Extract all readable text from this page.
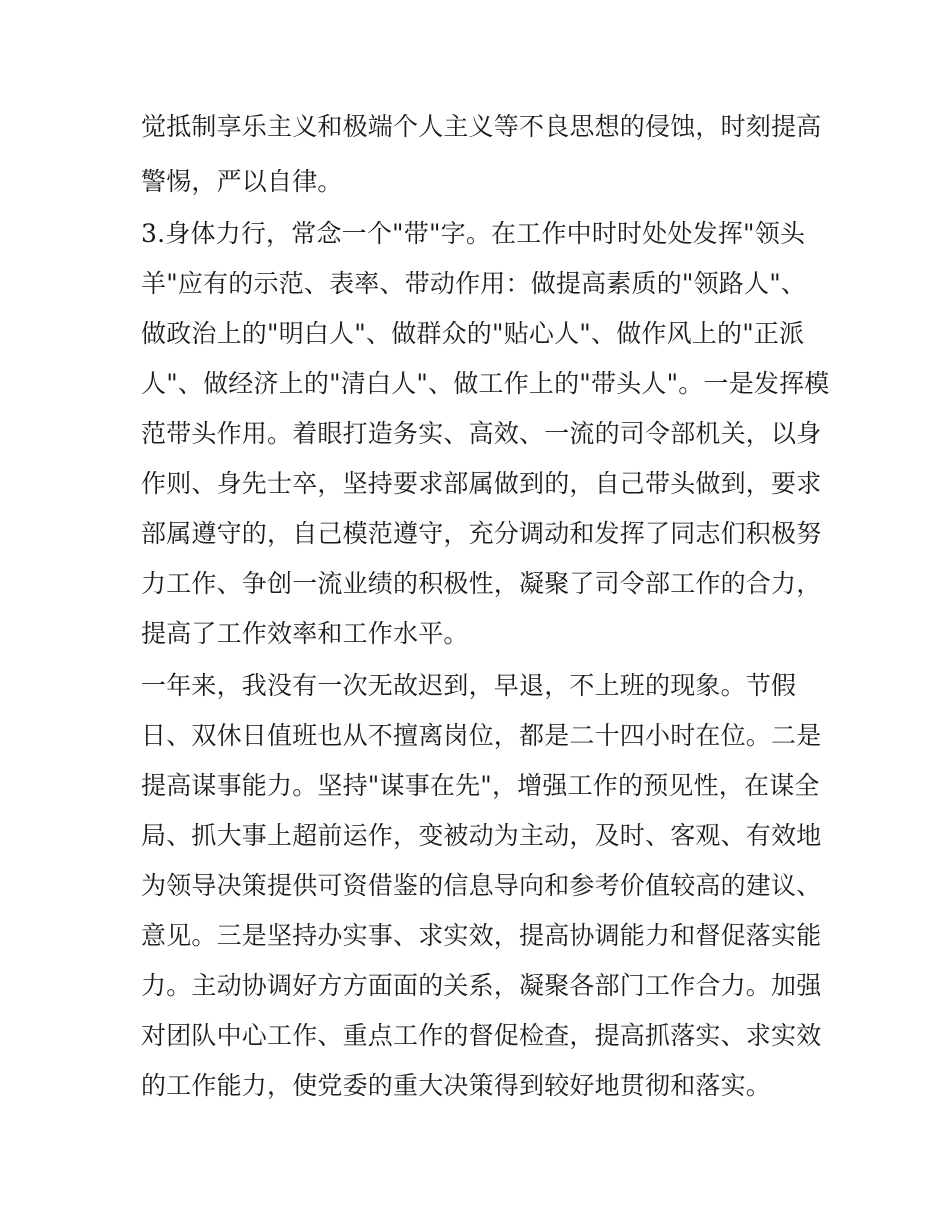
觉抵制享乐主义和极端个人主义等不良思想的侵蚀，时刻提高
警惕，严以自律。
3.身体力行，常念一个"带"字。在工作中时时处处发挥"领头
羊"应有的示范、表率、带动作用：做提高素质的"领路人"、
做政治上的"明白人"、做群众的"贴心人"、做作风上的"正派
人"、做经济上的"清白人"、做工作上的"带头人"。一是发挥模
范带头作用。着眼打造务实、高效、一流的司令部机关，以身
作则、身先士卒，坚持要求部属做到的，自己带头做到，要求
部属遵守的，自己模范遵守，充分调动和发挥了同志们积极努
力工作、争创一流业绩的积极性，凝聚了司令部工作的合力，
提高了工作效率和工作水平。
一年来，我没有一次无故迟到，早退，不上班的现象。节假
日、双休日值班也从不擅离岗位，都是二十四小时在位。二是
提高谋事能力。坚持"谋事在先"，增强工作的预见性，在谋全
局、抓大事上超前运作，变被动为主动，及时、客观、有效地
为领导决策提供可资借鉴的信息导向和参考价值较高的建议、
意见。三是坚持办实事、求实效，提高协调能力和督促落实能
力。主动协调好方方面面的关系，凝聚各部门工作合力。加强
对团队中心工作、重点工作的督促检查，提高抓落实、求实效
的工作能力，使党委的重大决策得到较好地贯彻和落实。
